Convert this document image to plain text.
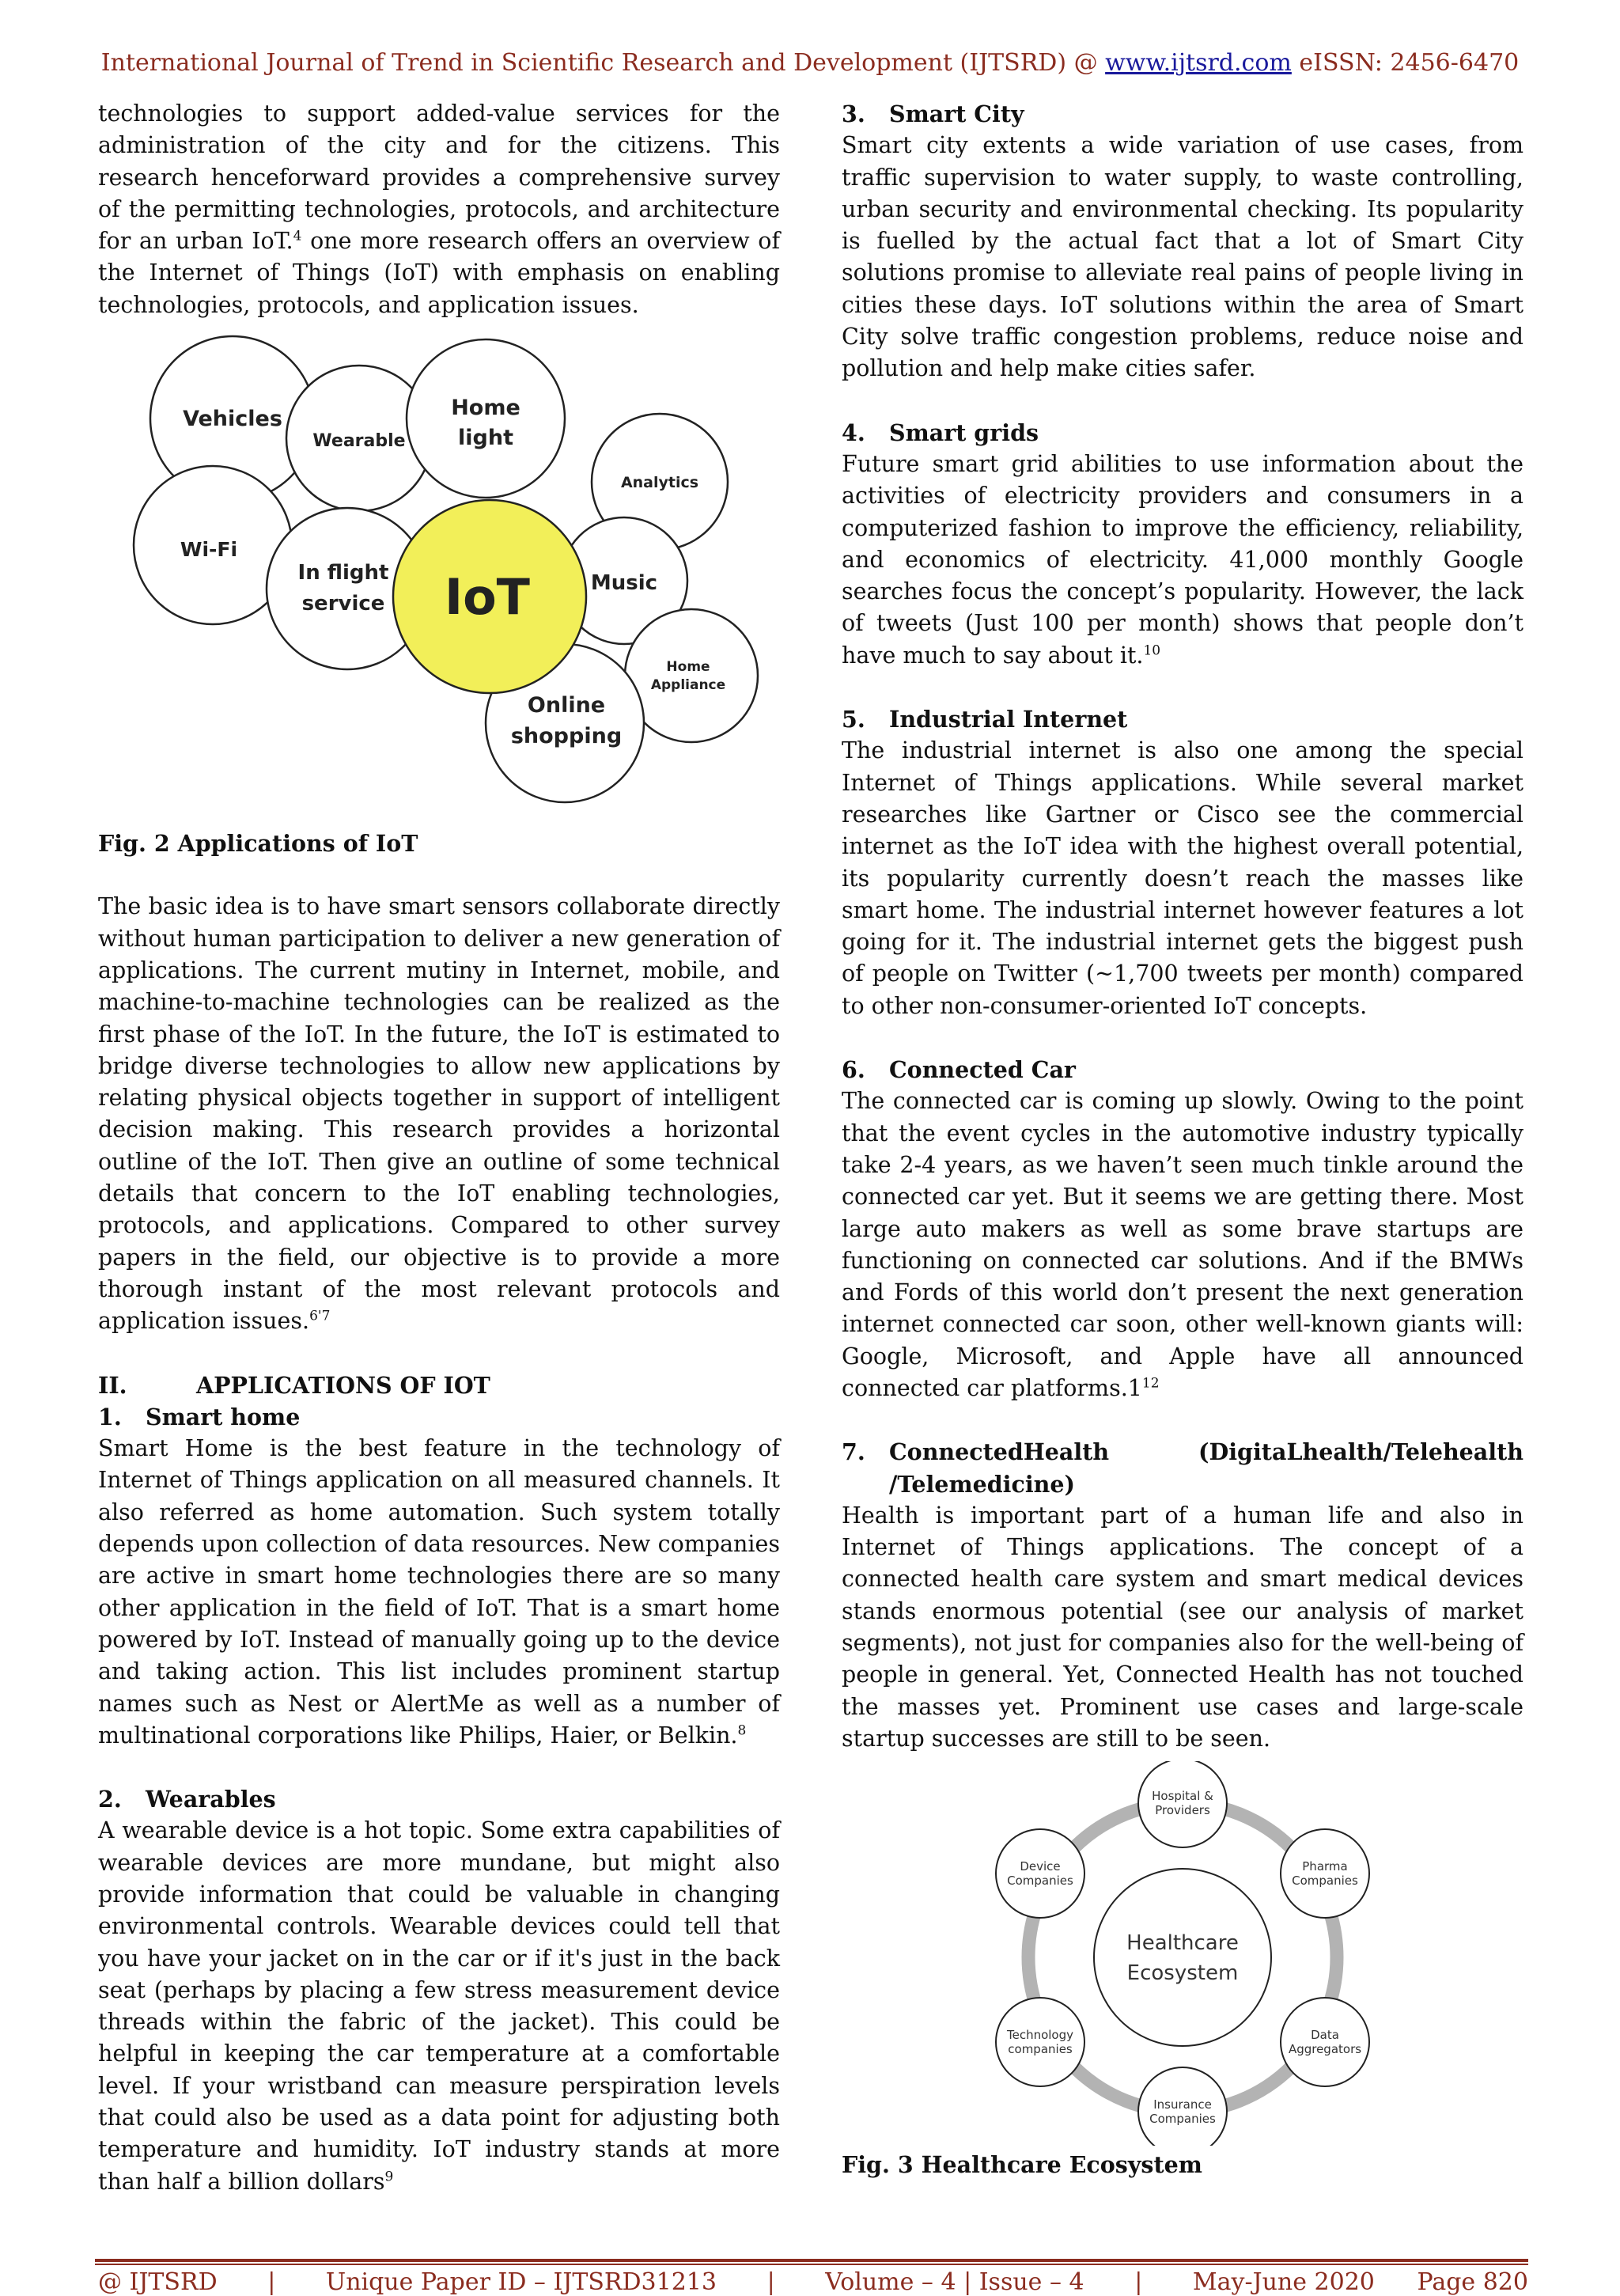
International Journal of Trend in Scientific Research and Development (IJTSRD) @ www.ijtsrd.com eISSN: 2456-6470

technologies to support added-value services for the administration of the city and for the citizens. This research henceforward provides a comprehensive survey of the permitting technologies, protocols, and architecture for an urban IoT.$^4$ one more research offers an overview of the Internet of Things (IoT) with emphasis on enabling technologies, protocols, and application issues.

Vehicles
Wearable
Home
light
Analytics
Wi-Fi
In flight
service IoT	Music
Home
Appliance
Online
shopping

Fig. 2 Applications of IoT

The basic idea is to have smart sensors collaborate directly without human participation to deliver a new generation of applications. The current mutiny in Internet, mobile, and machine-to-machine technologies can be realized as the first phase of the IoT. In the future, the IoT is estimated to bridge diverse technologies to allow new applications by relating physical objects together in support of intelligent decision making. This research provides a horizontal outline of the IoT. Then give an outline of some technical details that concern to the IoT enabling technologies, protocols, and applications. Compared to other survey papers in the field, our objective is to provide a more thorough instant of the most relevant protocols and application issues.$^{6'7}$

II.	APPLICATIONS OF IOT
1. Smart home

Smart Home is the best feature in the technology of Internet of Things application on all measured channels. It also referred as home automation. Such system totally depends upon collection of data resources. New companies are active in smart home technologies there are so many other application in the field of IoT. That is a smart home powered by IoT. Instead of manually going up to the device and taking action. This list includes prominent startup names such as Nest or AlertMe as well as a number of multinational corporations like Philips, Haier, or Belkin.$^8$

2. Wearables

A wearable device is a hot topic. Some extra capabilities of wearable devices are more mundane, but might also provide information that could be valuable in changing environmental controls. Wearable devices could tell that you have your jacket on in the car or if it's just in the back seat (perhaps by placing a few stress measurement device threads within the fabric of the jacket). This could be helpful in keeping the car temperature at a comfortable level. If your wristband can measure perspiration levels that could also be used as a data point for adjusting both temperature and humidity. IoT industry stands at more than half a billion dollars$^9$

3. Smart City

Smart city extents a wide variation of use cases, from traffic supervision to water supply, to waste controlling, urban security and environmental checking. Its popularity is fuelled by the actual fact that a lot of Smart City solutions promise to alleviate real pains of people living in cities these days. IoT solutions within the area of Smart City solve traffic congestion problems, reduce noise and pollution and help make cities safer.

4. Smart grids

Future smart grid abilities to use information about the activities of electricity providers and consumers in a computerized fashion to improve the efficiency, reliability, and economics of electricity. 41,000 monthly Google searches focus the concept’s popularity. However, the lack of tweets (Just 100 per month) shows that people don’t have much to say about it.$^{10}$

5. Industrial Internet

The industrial internet is also one among the special Internet of Things applications. While several market researches like Gartner or Cisco see the commercial internet as the IoT idea with the highest overall potential, its popularity currently doesn’t reach the masses like smart home. The industrial internet however features a lot going for it. The industrial internet gets the biggest push of people on Twitter (~1,700 tweets per month) compared to other non-consumer-oriented IoT concepts.

6. Connected Car

The connected car is coming up slowly. Owing to the point that the event cycles in the automotive industry typically take 2-4 years, as we haven’t seen much tinkle around the connected car yet. But it seems we are getting there. Most large auto makers as well as some brave startups are functioning on connected car solutions. And if the BMWs and Fords of this world don’t present the next generation internet connected car soon, other well-known giants will: Google, Microsoft, and Apple have all announced connected car $platforms.1^{12}$

7. ConnectedHealth	(DigitaLhealth/Telehealth
/Telemedicine)

Health is important part of a human life and also in Internet of Things applications. The concept of a connected health care system and smart medical devices stands enormous potential (see our analysis of market segments), not just for companies also for the well-being of people in general. Yet, Connected Health has not touched the masses yet. Prominent use cases and large-scale startup successes are still to be seen.

Healthcare
Ecosystem
Hospital &
Providers
Pharma
Companies
Data
Aggregators
Insurance
Companies
Technology
companies
Device
Companies

Fig. 3 Healthcare Ecosystem

@ IJTSRD	|	Unique Paper ID – IJTSRD31213	|	Volume – 4 | Issue – 4	|	May-June 2020 Page 820
